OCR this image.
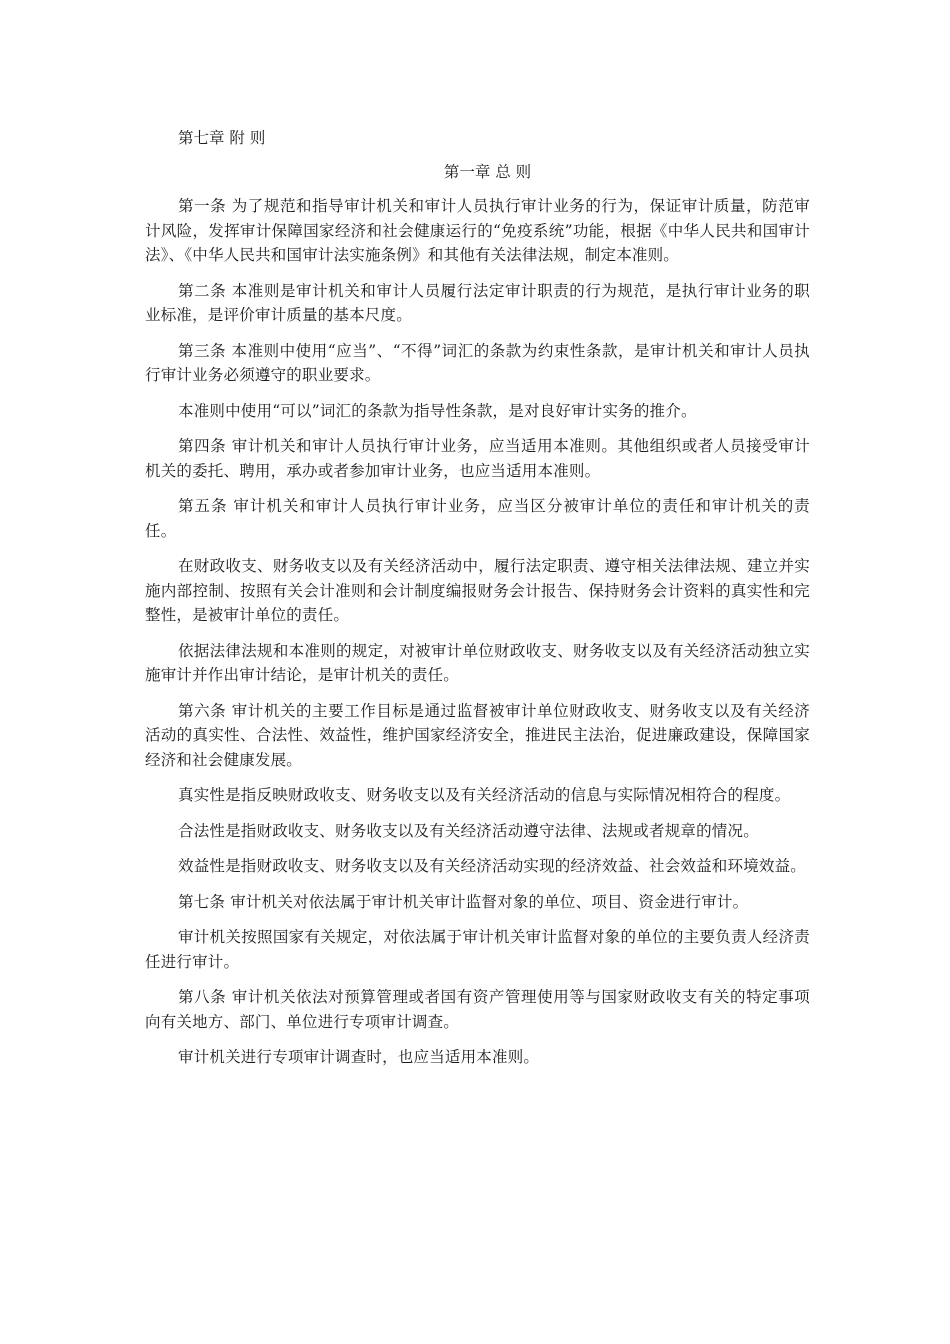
第七章 附 则

第一章 总 则

第一条 为了规范和指导审计机关和审计人员执行审计业务的行为，保证审计质量，防范审计风险，发挥审计保障国家经济和社会健康运行的“免疫系统”功能，根据《中华人民共和国审计法》、《中华人民共和国审计法实施条例》和其他有关法律法规，制定本准则。

第二条 本准则是审计机关和审计人员履行法定审计职责的行为规范，是执行审计业务的职业标准，是评价审计质量的基本尺度。

第三条 本准则中使用“应当”、“不得”词汇的条款为约束性条款，是审计机关和审计人员执行审计业务必须遵守的职业要求。

本准则中使用“可以”词汇的条款为指导性条款，是对良好审计实务的推介。

第四条 审计机关和审计人员执行审计业务，应当适用本准则。其他组织或者人员接受审计机关的委托、聘用，承办或者参加审计业务，也应当适用本准则。

第五条 审计机关和审计人员执行审计业务，应当区分被审计单位的责任和审计机关的责任。

在财政收支、财务收支以及有关经济活动中，履行法定职责、遵守相关法律法规、建立并实施内部控制、按照有关会计准则和会计制度编报财务会计报告、保持财务会计资料的真实性和完整性，是被审计单位的责任。

依据法律法规和本准则的规定，对被审计单位财政收支、财务收支以及有关经济活动独立实施审计并作出审计结论，是审计机关的责任。

第六条 审计机关的主要工作目标是通过监督被审计单位财政收支、财务收支以及有关经济活动的真实性、合法性、效益性，维护国家经济安全，推进民主法治，促进廉政建设，保障国家经济和社会健康发展。

真实性是指反映财政收支、财务收支以及有关经济活动的信息与实际情况相符合的程度。

合法性是指财政收支、财务收支以及有关经济活动遵守法律、法规或者规章的情况。

效益性是指财政收支、财务收支以及有关经济活动实现的经济效益、社会效益和环境效益。

第七条 审计机关对依法属于审计机关审计监督对象的单位、项目、资金进行审计。

审计机关按照国家有关规定，对依法属于审计机关审计监督对象的单位的主要负责人经济责任进行审计。

第八条 审计机关依法对预算管理或者国有资产管理使用等与国家财政收支有关的特定事项向有关地方、部门、单位进行专项审计调查。

审计机关进行专项审计调查时，也应当适用本准则。
